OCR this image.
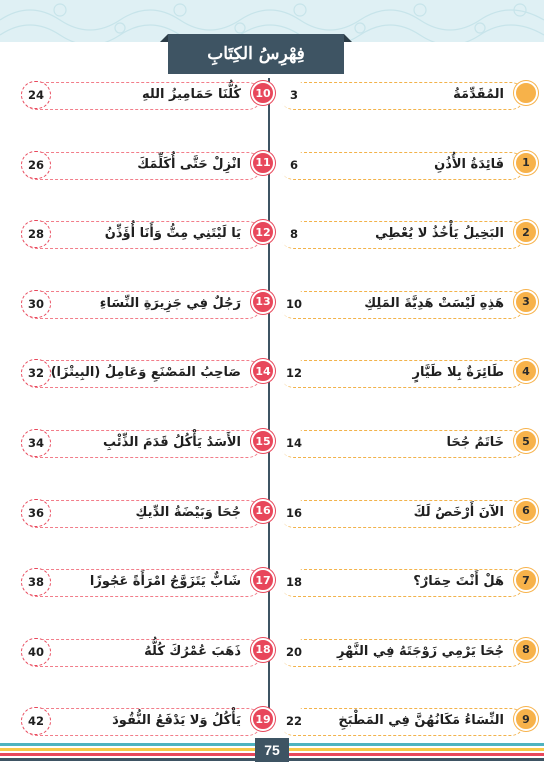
فِهْرِسُ الكِتَابِ
المُقَدِّمَةُ
3
1
فَائِدَةُ الأُذُنِ
6
2
البَخِيلُ يَأْخُذُ لا يُعْطِي
8
3
هَذِهِ لَيْسَتْ هَدِيَّةَ المَلِكِ
10
4
طَائِرَةٌ بِلا طَيَّارٍ
12
5
خَاتَمُ جُحَا
14
6
الآنَ أَرْخَصُ لَكَ
16
7
هَلْ أَنْتَ حِمَارٌ؟
18
8
جُحَا يَرْمِي زَوْجَتَهُ فِي النَّهْرِ
20
9
النِّسَاءُ مَكَانُهُنَّ فِي المَطْبَخِ
22
10
كُلُّنَا حَمَامِيزُ اللهِ
24
11
انْزِلْ حَتَّى أُكَلِّمَكَ
26
12
يَا لَيْتَنِي مِتُّ وَأَنَا أُؤَذِّنُ
28
13
رَجُلٌ فِي جَزِيرَةِ النِّسَاءِ
30
14
صَاحِبُ المَصْنَعِ وَعَامِلُ (البِيتْزَا)
32
15
الأَسَدُ يَأْكُلُ قَدَمَ الذِّئْبِ
34
16
جُحَا وَبَيْضَةُ الدِّيكِ
36
17
شَابٌّ يَتَزَوَّجُ امْرَأَةً عَجُوزًا
38
18
ذَهَبَ عُمْرُكَ كُلُّهُ
40
19
يَأْكُلُ وَلا يَدْفَعُ النُّقُودَ
42
75
